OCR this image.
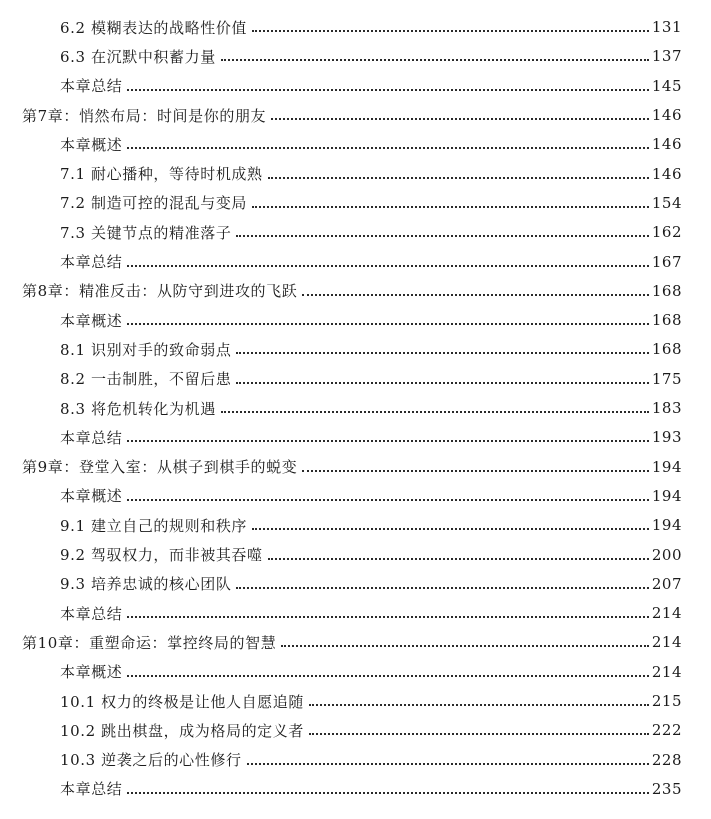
6.2 模糊表达的战略性价值	131
6.3 在沉默中积蓄力量	137
本章总结	145
第7章：悄然布局：时间是你的朋友	146
本章概述	146
7.1 耐心播种，等待时机成熟	146
7.2 制造可控的混乱与变局	154
7.3 关键节点的精准落子	162
本章总结	167
第8章：精准反击：从防守到进攻的飞跃	168
本章概述	168
8.1 识别对手的致命弱点	168
8.2 一击制胜，不留后患	175
8.3 将危机转化为机遇	183
本章总结	193
第9章：登堂入室：从棋子到棋手的蜕变	194
本章概述	194
9.1 建立自己的规则和秩序	194
9.2 驾驭权力，而非被其吞噬	200
9.3 培养忠诚的核心团队	207
本章总结	214
第10章：重塑命运：掌控终局的智慧	214
本章概述	214
10.1 权力的终极是让他人自愿追随	215
10.2 跳出棋盘，成为格局的定义者	222
10.3 逆袭之后的心性修行	228
本章总结	235
